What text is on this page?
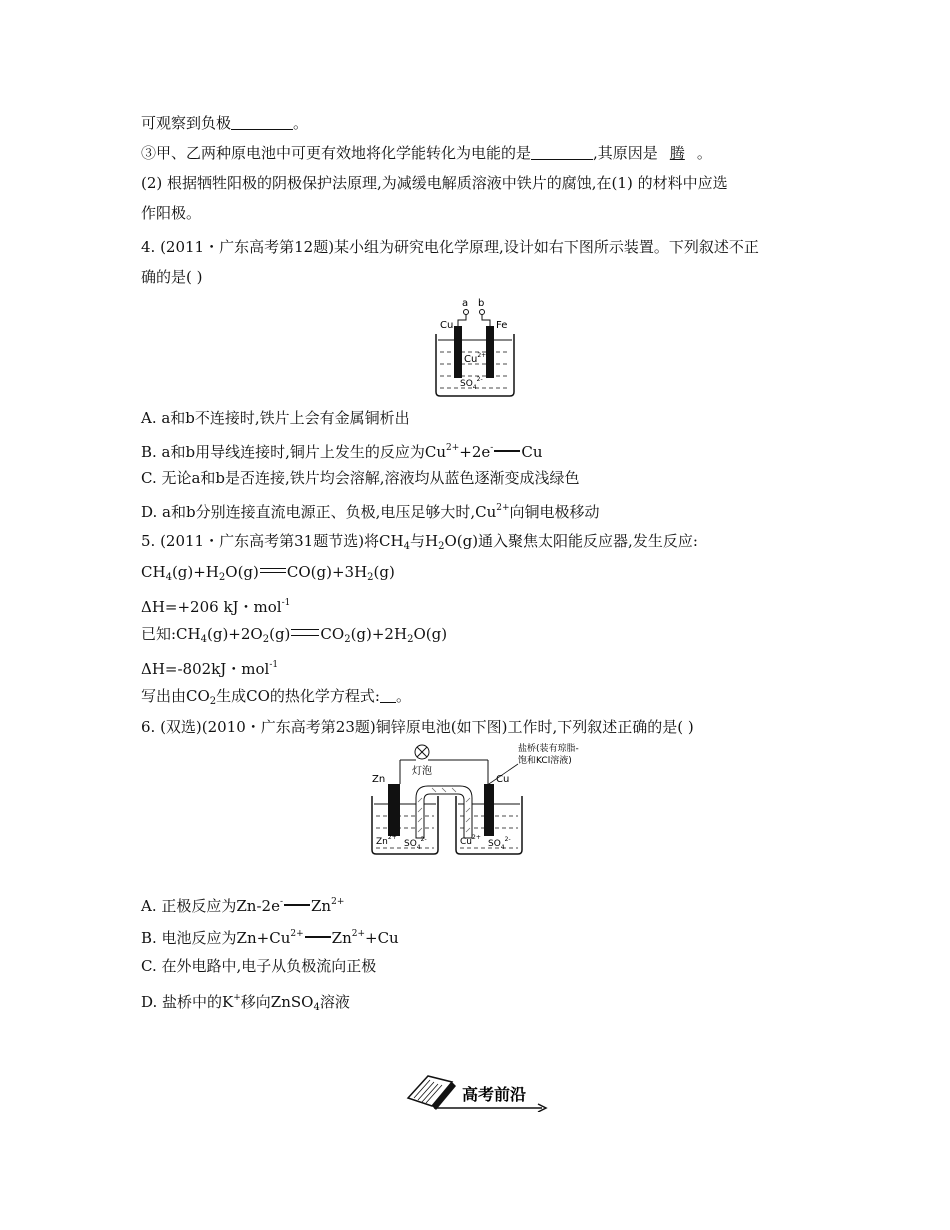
可观察到负极	。
③甲、乙两种原电池中可更有效地将化学能转化为电能的是	,其原因是 腾 。
(2) 根据牺牲阳极的阴极保护法原理,为减缓电解质溶液中铁片的腐蚀,在(1) 的材料中应选
作阳极。
4. (2011・广东高考第12题)某小组为研究电化学原理,设计如右下图所示装置。下列叙述不正
确的是( )
a b
Cu	Fe
$Cu^{2+}$
$SO_4^{2-}$
A. a和b不连接时,铁片上会有金属铜析出
B. a和b用导线连接时,铜片上发生的反应为$Cu^{2+}+2e^-$ Cu
C. 无论a和b是否连接,铁片均会溶解,溶液均从蓝色逐渐变成浅绿色
D. a和b分别连接直流电源正、负极,电压足够大时$,Cu^{2+}$向铜电极移动
5. (2011・广东高考第31题节选)将$CH_4$与$H_2O(g)$通入聚焦太阳能反应器,发生反应:
$CH_4(g)+H_2O(g)$ $CO(g)+3H_2(g)$
ΔH=+206 kJ・mol$^{-1}$
已知$:CH_4(g)+2O_2(g)$ $CO_2(g)+2H_2O(g)$
ΔH=-802kJ・mol$^{-1}$
写出由$CO_2$生成CO的热化学方程式: 。
6. (双选)(2010・广东高考第23题)铜锌原电池(如下图)工作时,下列叙述正确的是( )
灯泡
盐桥(装有琼脂-
饱和KCl溶液)
Zn	Cu
$Zn^{2+}$
$SO_4^{2-}$	$Cu^{2+}$
$SO_4^{2-}$
A. 正极反应为Zn-2e- $Zn^{2+}$
B. 电池反应为$Zn+Cu^{2+}$ $Zn^{2+}+Cu$
C. 在外电路中,电子从负极流向正极
D. 盐桥中的K+移向ZnSO$_4$溶液
高考前沿
